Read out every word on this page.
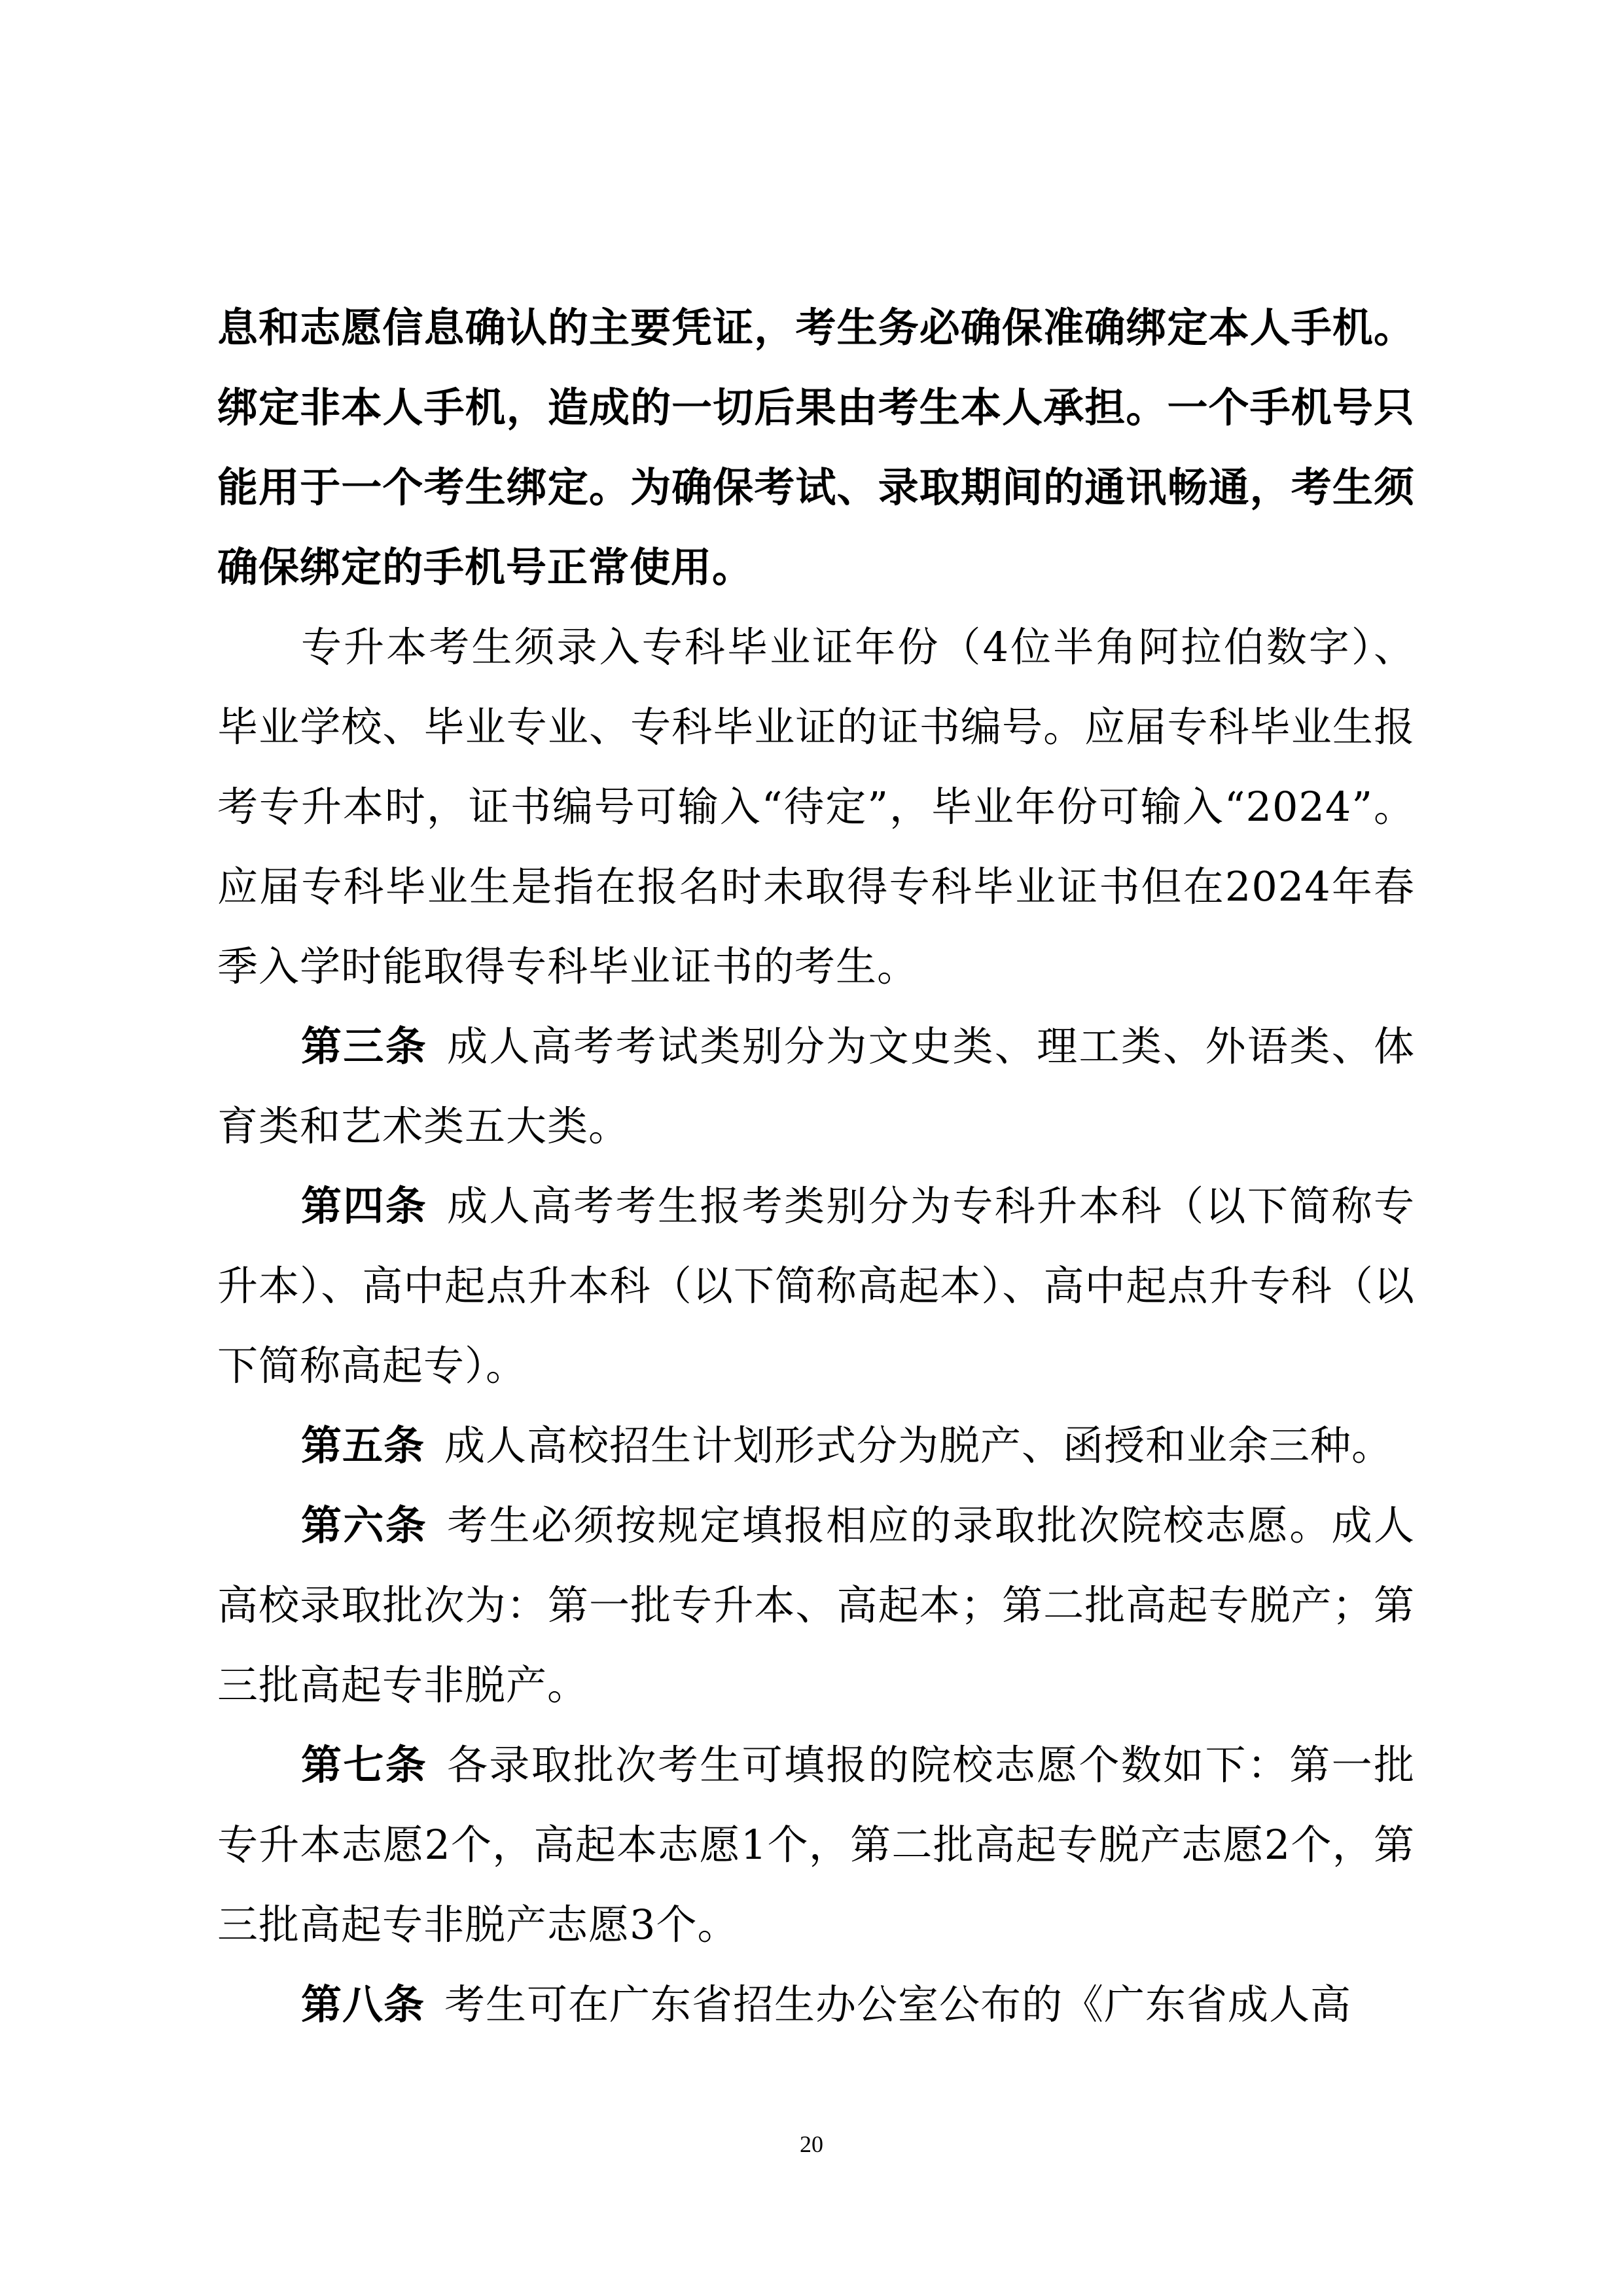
息和志愿信息确认的主要凭证，考生务必确保准确绑定本人手机。绑定非本人手机，造成的一切后果由考生本人承担。一个手机号只能用于一个考生绑定。为确保考试、录取期间的通讯畅通，考生须确保绑定的手机号正常使用。

专升本考生须录入专科毕业证年份（4位半角阿拉伯数字）、毕业学校、毕业专业、专科毕业证的证书编号。应届专科毕业生报考专升本时，证书编号可输入“待定”，毕业年份可输入“2024”。应届专科毕业生是指在报名时未取得专科毕业证书但在2024年春季入学时能取得专科毕业证书的考生。

第三条 成人高考考试类别分为文史类、理工类、外语类、体育类和艺术类五大类。

第四条 成人高考考生报考类别分为专科升本科（以下简称专升本）、高中起点升本科（以下简称高起本）、高中起点升专科（以下简称高起专）。

第五条 成人高校招生计划形式分为脱产、函授和业余三种。

第六条 考生必须按规定填报相应的录取批次院校志愿。成人高校录取批次为：第一批专升本、高起本；第二批高起专脱产；第三批高起专非脱产。

第七条 各录取批次考生可填报的院校志愿个数如下：第一批专升本志愿2个，高起本志愿1个，第二批高起专脱产志愿2个，第三批高起专非脱产志愿3个。

第八条 考生可在广东省招生办公室公布的《广东省成人高

20
